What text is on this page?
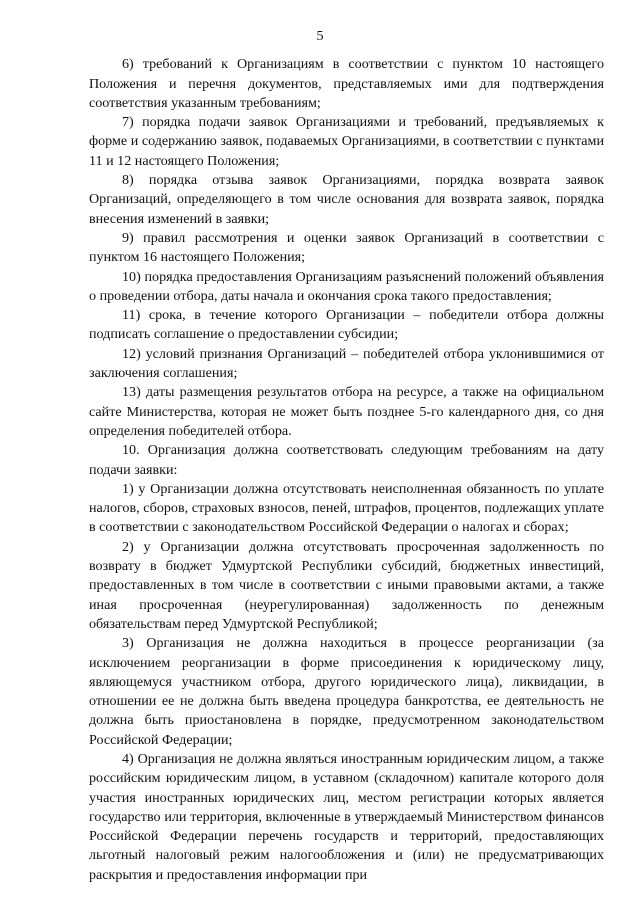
5

6) требований к Организациям в соответствии с пунктом 10 настоящего Положения и перечня документов, представляемых ими для подтверждения соответствия указанным требованиям;

7) порядка подачи заявок Организациями и требований, предъявляемых к форме и содержанию заявок, подаваемых Организациями, в соответствии с пунктами 11 и 12 настоящего Положения;

8) порядка отзыва заявок Организациями, порядка возврата заявок Организаций, определяющего в том числе основания для возврата заявок, порядка внесения изменений в заявки;

9) правил рассмотрения и оценки заявок Организаций в соответствии с пунктом 16 настоящего Положения;

10) порядка предоставления Организациям разъяснений положений объявления о проведении отбора, даты начала и окончания срока такого предоставления;

11) срока, в течение которого Организации – победители отбора должны подписать соглашение о предоставлении субсидии;

12) условий признания Организаций – победителей отбора уклонившимися от заключения соглашения;

13) даты размещения результатов отбора на ресурсе, а также на официальном сайте Министерства, которая не может быть позднее 5-го календарного дня, со дня определения победителей отбора.

10. Организация должна соответствовать следующим требованиям на дату подачи заявки:

1) у Организации должна отсутствовать неисполненная обязанность по уплате налогов, сборов, страховых взносов, пеней, штрафов, процентов, подлежащих уплате в соответствии с законодательством Российской Федерации о налогах и сборах;

2) у Организации должна отсутствовать просроченная задолженность по возврату в бюджет Удмуртской Республики субсидий, бюджетных инвестиций, предоставленных в том числе в соответствии с иными правовыми актами, а также иная просроченная (неурегулированная) задолженность по денежным обязательствам перед Удмуртской Республикой;

3) Организация не должна находиться в процессе реорганизации (за исключением реорганизации в форме присоединения к юридическому лицу, являющемуся участником отбора, другого юридического лица), ликвидации, в отношении ее не должна быть введена процедура банкротства, ее деятельность не должна быть приостановлена в порядке, предусмотренном законодательством Российской Федерации;

4) Организация не должна являться иностранным юридическим лицом, а также российским юридическим лицом, в уставном (складочном) капитале которого доля участия иностранных юридических лиц, местом регистрации которых является государство или территория, включенные в утверждаемый Министерством финансов Российской Федерации перечень государств и территорий, предоставляющих льготный налоговый режим налогообложения и (или) не предусматривающих раскрытия и предоставления информации при
